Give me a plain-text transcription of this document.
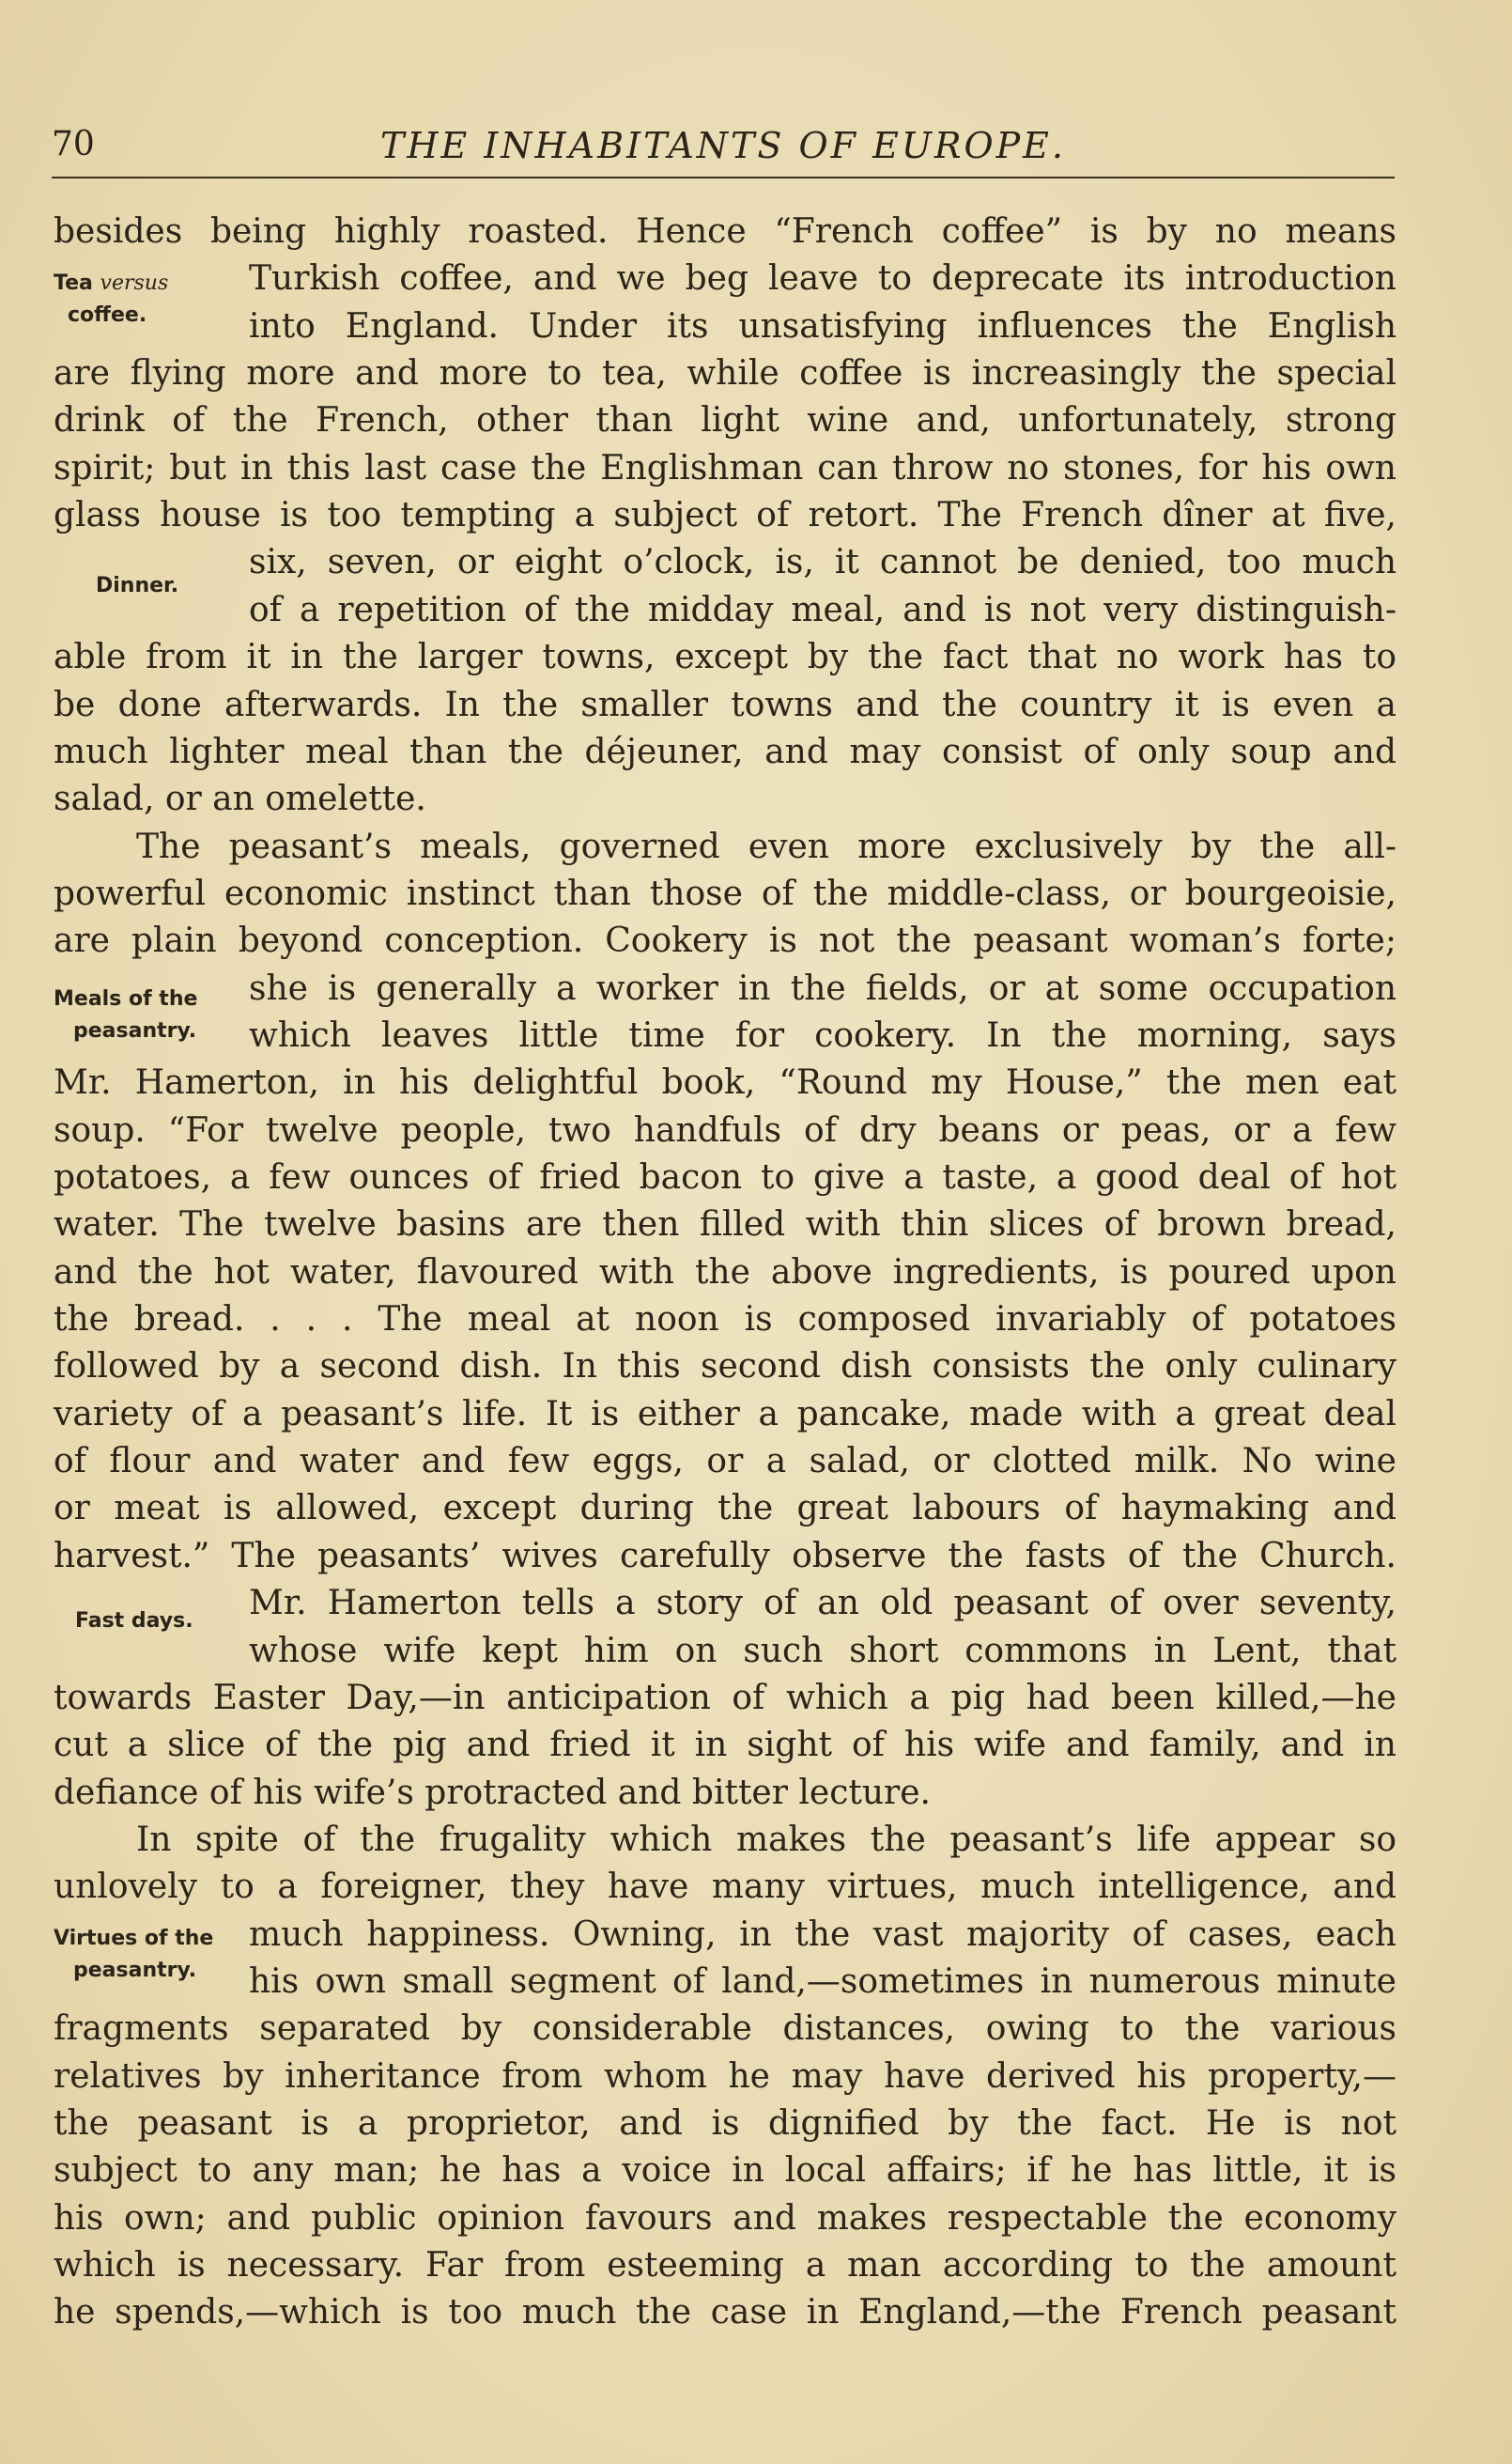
70	THE INHABITANTS OF EUROPE.
besides being highly roasted. Hence “French coffee” is by no means
Turkish coffee, and we beg leave to deprecate its introduction
into England. Under its unsatisfying influences the English
are flying more and more to tea, while coffee is increasingly the special
drink of the French, other than light wine and, unfortunately, strong
spirit; but in this last case the Englishman can throw no stones, for his own
glass house is too tempting a subject of retort. The French dîner at five,
six, seven, or eight o’clock, is, it cannot be denied, too much
of a repetition of the midday meal, and is not very distinguish-
able from it in the larger towns, except by the fact that no work has to
be done afterwards. In the smaller towns and the country it is even a
much lighter meal than the déjeuner, and may consist of only soup and
salad, or an omelette.
The peasant’s meals, governed even more exclusively by the all-
powerful economic instinct than those of the middle-class, or bourgeoisie,
are plain beyond conception. Cookery is not the peasant woman’s forte;
she is generally a worker in the fields, or at some occupation
which leaves little time for cookery. In the morning, says
Mr. Hamerton, in his delightful book, “Round my House,” the men eat
soup. “For twelve people, two handfuls of dry beans or peas, or a few
potatoes, a few ounces of fried bacon to give a taste, a good deal of hot
water. The twelve basins are then filled with thin slices of brown bread,
and the hot water, flavoured with the above ingredients, is poured upon
the bread. . . . The meal at noon is composed invariably of potatoes
followed by a second dish. In this second dish consists the only culinary
variety of a peasant’s life. It is either a pancake, made with a great deal
of flour and water and few eggs, or a salad, or clotted milk. No wine
or meat is allowed, except during the great labours of haymaking and
harvest.” The peasants’ wives carefully observe the fasts of the Church.
Mr. Hamerton tells a story of an old peasant of over seventy,
whose wife kept him on such short commons in Lent, that
towards Easter Day,—in anticipation of which a pig had been killed,—he
cut a slice of the pig and fried it in sight of his wife and family, and in
defiance of his wife’s protracted and bitter lecture.
In spite of the frugality which makes the peasant’s life appear so
unlovely to a foreigner, they have many virtues, much intelligence, and
much happiness. Owning, in the vast majority of cases, each
his own small segment of land,—sometimes in numerous minute
fragments separated by considerable distances, owing to the various
relatives by inheritance from whom he may have derived his property,—
the peasant is a proprietor, and is dignified by the fact. He is not
subject to any man; he has a voice in local affairs; if he has little, it is
his own; and public opinion favours and makes respectable the economy
which is necessary. Far from esteeming a man according to the amount
he spends,—which is too much the case in England,—the French peasant
Tea versus
coffee.
Dinner.
Meals of the
peasantry.
Fast days.
Virtues of the
peasantry.
